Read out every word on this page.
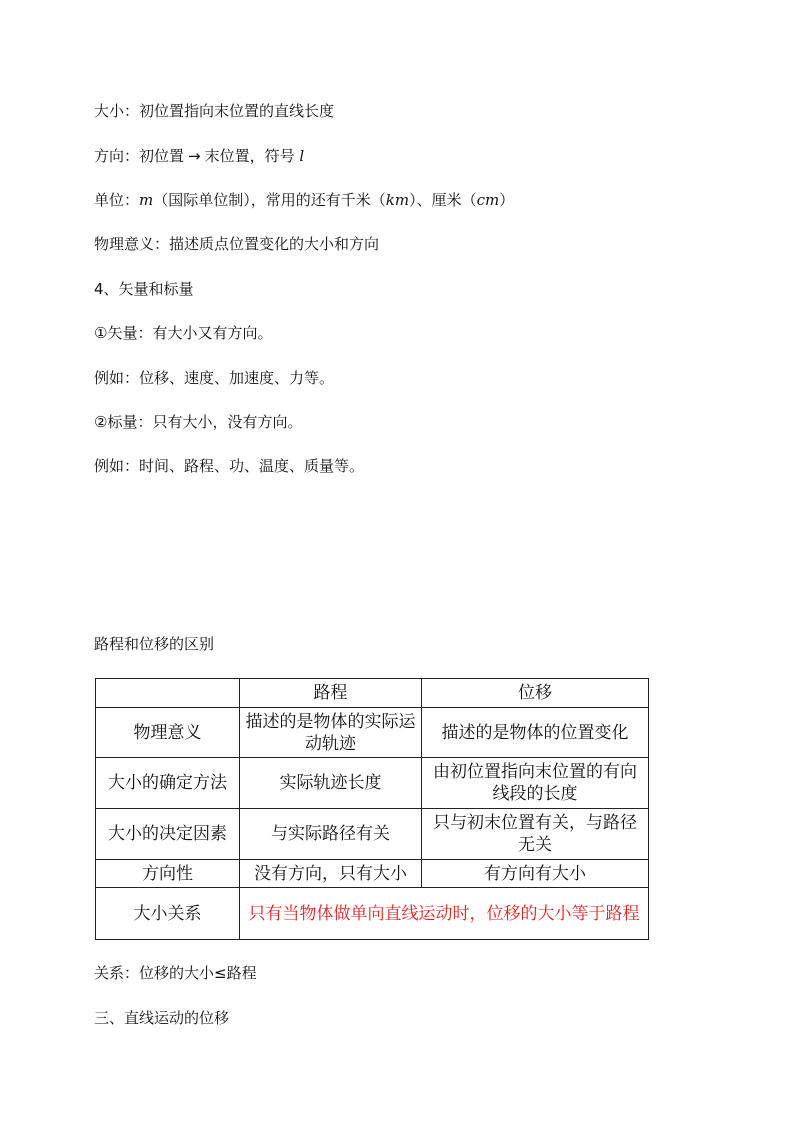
大小：初位置指向末位置的直线长度
方向：初位置 → 末位置，符号 l
单位：m（国际单位制），常用的还有千米（km）、厘米（cm）
物理意义：描述质点位置变化的大小和方向
4、矢量和标量
①矢量：有大小又有方向。
例如：位移、速度、加速度、力等。
②标量：只有大小，没有方向。
例如：时间、路程、功、温度、质量等。
路程和位移的区别
	路程	位移
物理意义	描述的是物体的实际运动轨迹	描述的是物体的位置变化
大小的确定方法	实际轨迹长度	由初位置指向末位置的有向线段的长度
大小的决定因素	与实际路径有关	只与初末位置有关，与路径无关
方向性	没有方向，只有大小	有方向有大小
大小关系	只有当物体做单向直线运动时，位移的大小等于路程	
关系：位移的大小≤路程
三、直线运动的位移
